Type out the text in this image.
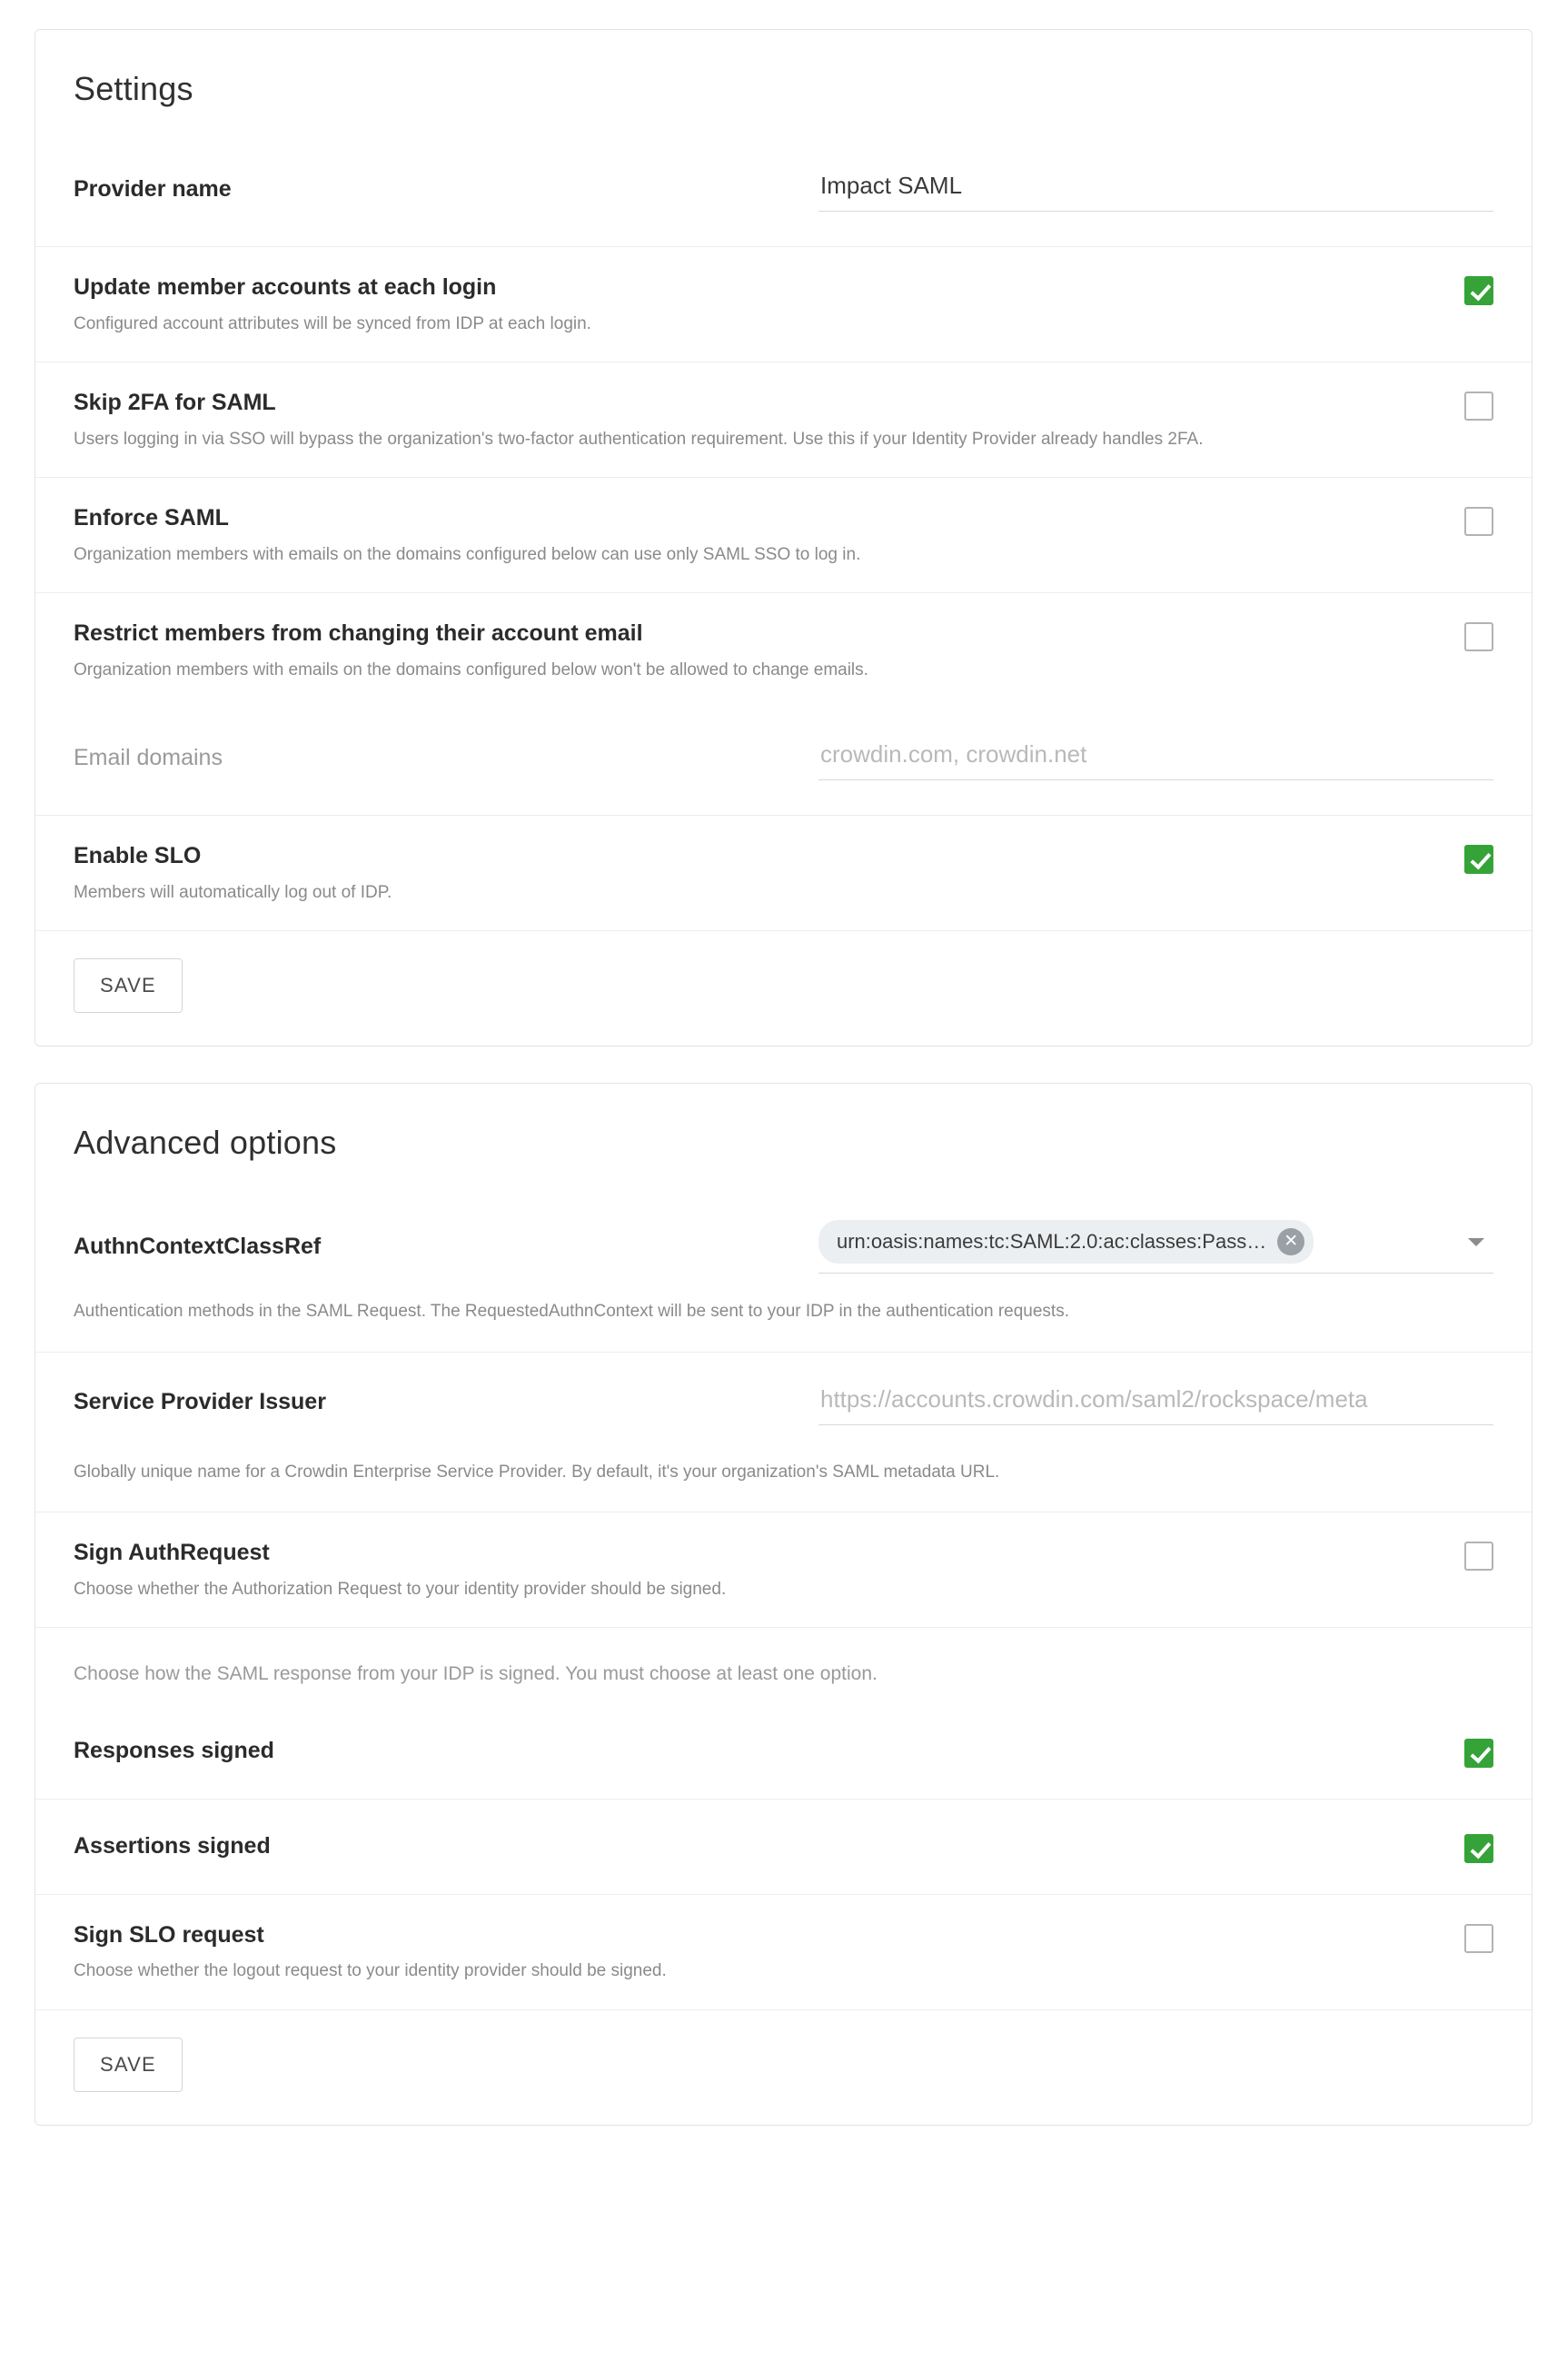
Settings
Provider name
Impact SAML
Update member accounts at each login
Configured account attributes will be synced from IDP at each login.
Skip 2FA for SAML
Users logging in via SSO will bypass the organization's two-factor authentication requirement. Use this if your Identity Provider already handles 2FA.
Enforce SAML
Organization members with emails on the domains configured below can use only SAML SSO to log in.
Restrict members from changing their account email
Organization members with emails on the domains configured below won't be allowed to change emails.
Email domains
crowdin.com, crowdin.net
Enable SLO
Members will automatically log out of IDP.
SAVE
Advanced options
AuthnContextClassRef	urn:oasis:names:tc:SAML:2.0:ac:classes:Pass…	✕
Authentication methods in the SAML Request. The RequestedAuthnContext will be sent to your IDP in the authentication requests.
Service Provider Issuer
https://accounts.crowdin.com/saml2/rockspace/meta
Globally unique name for a Crowdin Enterprise Service Provider. By default, it's your organization's SAML metadata URL.
Sign AuthRequest
Choose whether the Authorization Request to your identity provider should be signed.
Choose how the SAML response from your IDP is signed. You must choose at least one option.
Responses signed
Assertions signed
Sign SLO request
Choose whether the logout request to your identity provider should be signed.
SAVE
